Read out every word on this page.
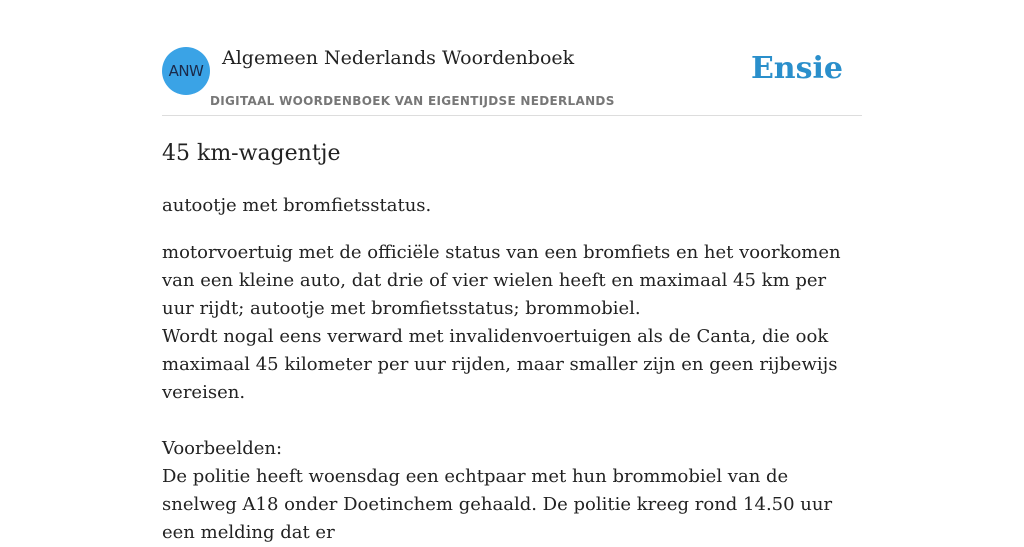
ANW
Algemeen Nederlands Woordenboek
DIGITAAL WOORDENBOEK VAN EIGENTIJDSE NEDERLANDS
Ensie
45 km-wagentje

autootje met bromfietsstatus.

motorvoertuig met de officiële status van een bromfiets en het voorkomen van een kleine auto, dat drie of vier wielen heeft en maximaal 45 km per uur rijdt; autootje met bromfietsstatus; brommobiel.

Wordt nogal eens verward met invalidenvoertuigen als de Canta, die ook maximaal 45 kilometer per uur rijden, maar smaller zijn en geen rijbewijs vereisen.

Voorbeelden:

De politie heeft woensdag een echtpaar met hun brommobiel van de snelweg A18 onder Doetinchem gehaald. De politie kreeg rond 14.50 uur een melding dat er
